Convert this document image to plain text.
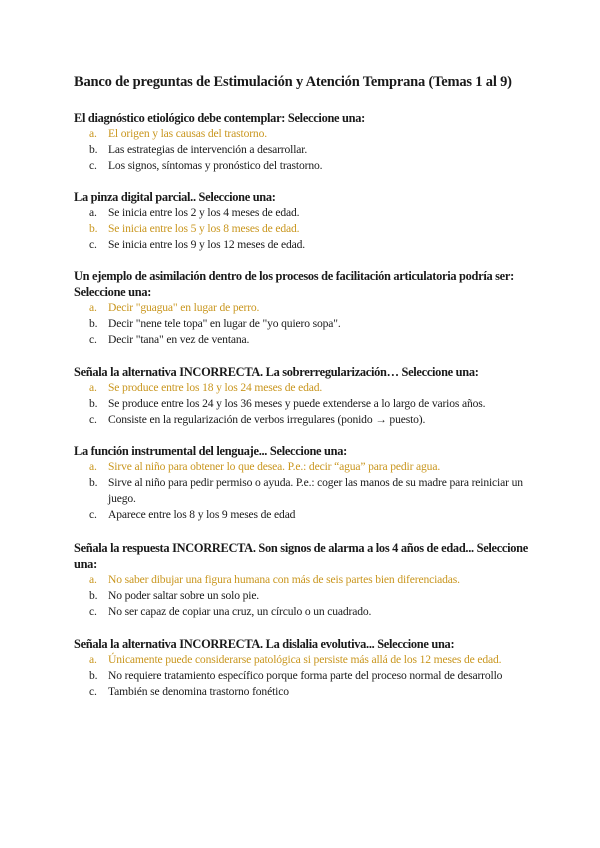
Banco de preguntas de Estimulación y Atención Temprana (Temas 1 al 9)

El diagnóstico etiológico debe contemplar: Seleccione una:

a. El origen y las causas del trastorno.
b. Las estrategias de intervención a desarrollar.
c. Los signos, síntomas y pronóstico del trastorno.

La pinza digital parcial.. Seleccione una:

a. Se inicia entre los 2 y los 4 meses de edad.
b. Se inicia entre los 5 y los 8 meses de edad.
c. Se inicia entre los 9 y los 12 meses de edad.

Un ejemplo de asimilación dentro de los procesos de facilitación articulatoria podría ser: Seleccione una:

a. Decir "guagua" en lugar de perro.
b. Decir "nene tele topa" en lugar de "yo quiero sopa".
c. Decir "tana" en vez de ventana.

Señala la alternativa INCORRECTA. La sobrerregularización… Seleccione una:

a. Se produce entre los 18 y los 24 meses de edad.
b. Se produce entre los 24 y los 36 meses y puede extenderse a lo largo de varios años.
c. Consiste en la regularización de verbos irregulares (ponido → puesto).

La función instrumental del lenguaje... Seleccione una:

a. Sirve al niño para obtener lo que desea. P.e.: decir “agua” para pedir agua.
b. Sirve al niño para pedir permiso o ayuda. P.e.: coger las manos de su madre para reiniciar un juego.
c. Aparece entre los 8 y los 9 meses de edad

Señala la respuesta INCORRECTA. Son signos de alarma a los 4 años de edad... Seleccione una:

a. No saber dibujar una figura humana con más de seis partes bien diferenciadas.
b. No poder saltar sobre un solo pie.
c. No ser capaz de copiar una cruz, un círculo o un cuadrado.

Señala la alternativa INCORRECTA. La dislalia evolutiva... Seleccione una:

a. Únicamente puede considerarse patológica si persiste más allá de los 12 meses de edad.
b. No requiere tratamiento específico porque forma parte del proceso normal de desarrollo
c. También se denomina trastorno fonético
